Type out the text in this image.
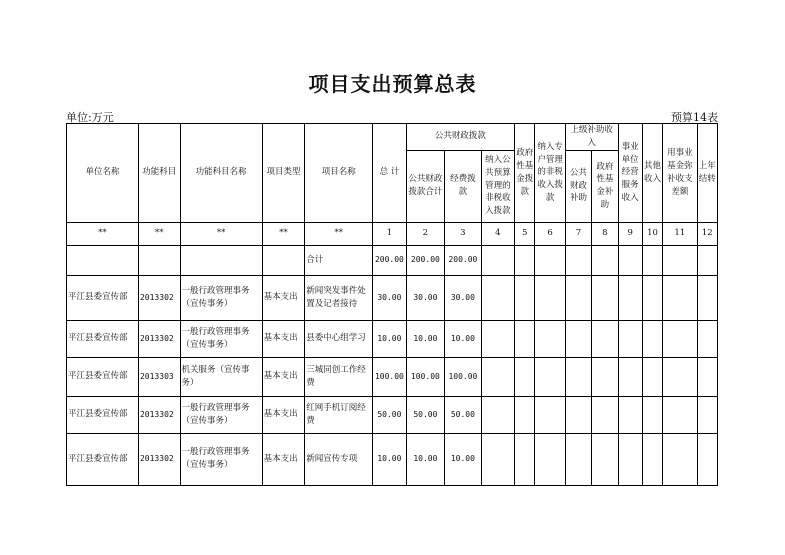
项目支出预算总表
单位:万元	预算14表
单位名称	功能科目	功能科目名称	项目类型	项目名称	总 计	公共财政拨款			政府性基金拨款	纳入专户管理的非税收入拨款	上级补助收入		事业单位经营服务收入	其他收入	用事业基金弥补收支差额	上年结转
						公共财政拨款合计	经费拨款	纳入公共预算管理的非税收入拨款			公共财政补助	政府性基金补助				

**	**	**	**	**	1	2	3	4	5	6	7	8	9	10	11	12
				合计	200.00	200.00	200.00									
平江县委宣传部	2013302	一般行政管理事务（宣传事务）	基本支出	新闻突发事件处置及记者接待	30.00	30.00	30.00									
平江县委宣传部	2013302	一般行政管理事务（宣传事务）	基本支出	县委中心组学习	10.00	10.00	10.00									
平江县委宣传部	2013303	机关服务（宣传事务）	基本支出	三城同创工作经费	100.00	100.00	100.00									
平江县委宣传部	2013302	一般行政管理事务（宣传事务）	基本支出	红网手机订阅经费	50.00	50.00	50.00									
平江县委宣传部	2013302	一般行政管理事务（宣传事务）	基本支出	新闻宣传专项	10.00	10.00	10.00									
